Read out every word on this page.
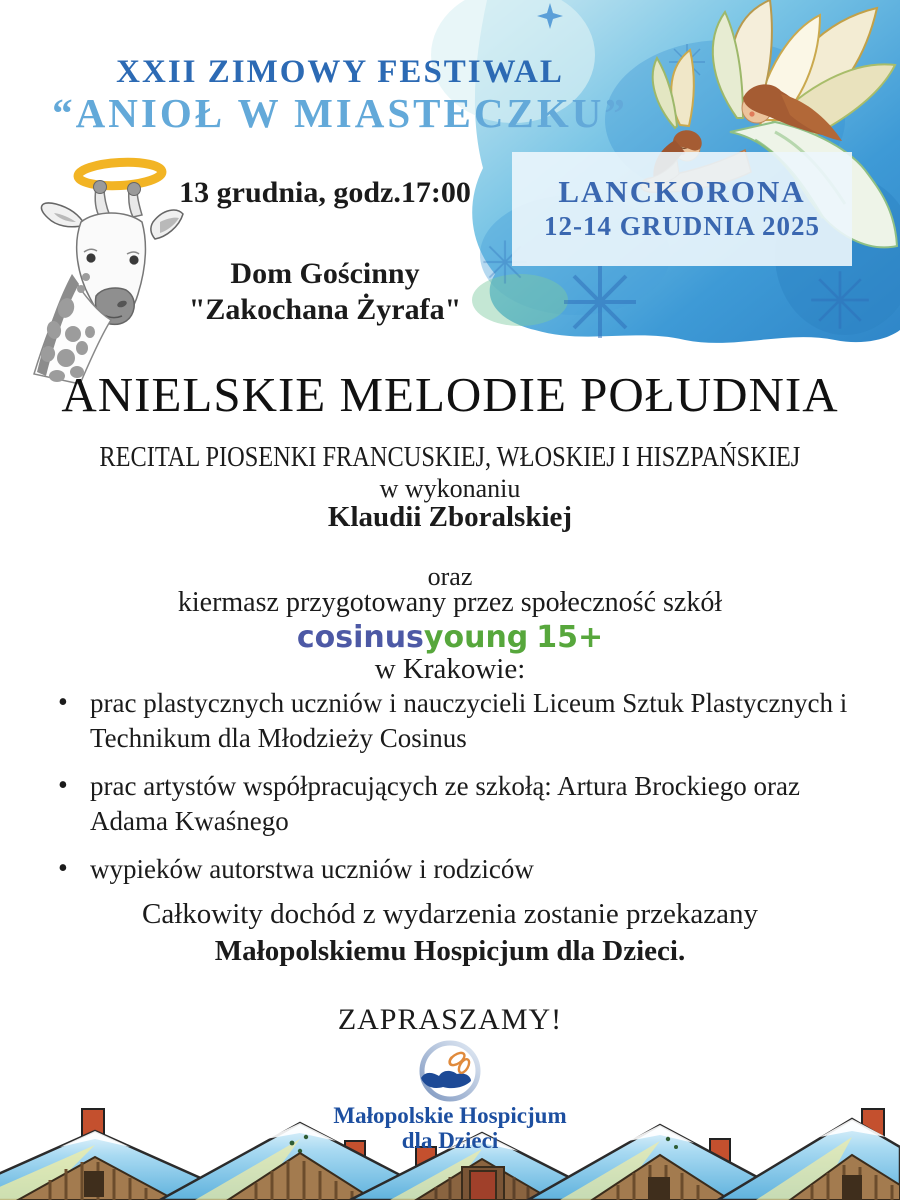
XXII ZIMOWY FESTIWAL
“ANIOŁ W MIASTECZKU”
13 grudnia, godz.17:00	LANCKORONA
12-14 GRUDNIA 2025
Dom Gościnny
"Zakochana Żyrafa"
ANIELSKIE MELODIE POŁUDNIA
RECITAL PIOSENKI FRANCUSKIEJ, WŁOSKIEJ I HISZPAŃSKIEJ
w wykonaniu
Klaudii Zboralskiej
oraz
kiermasz przygotowany przez społeczność szkół
cosinusyoung 15+
w Krakowie:
• prac plastycznych uczniów i nauczycieli Liceum Sztuk Plastycznych i Technikum dla Młodzieży Cosinus
• prac artystów współpracujących ze szkołą: Artura Brockiego oraz Adama Kwaśnego
• wypieków autorstwa uczniów i rodziców
Całkowity dochód z wydarzenia zostanie przekazany
Małopolskiemu Hospicjum dla Dzieci.
ZAPRASZAMY!
Małopolskie Hospicjum
dla Dzieci
